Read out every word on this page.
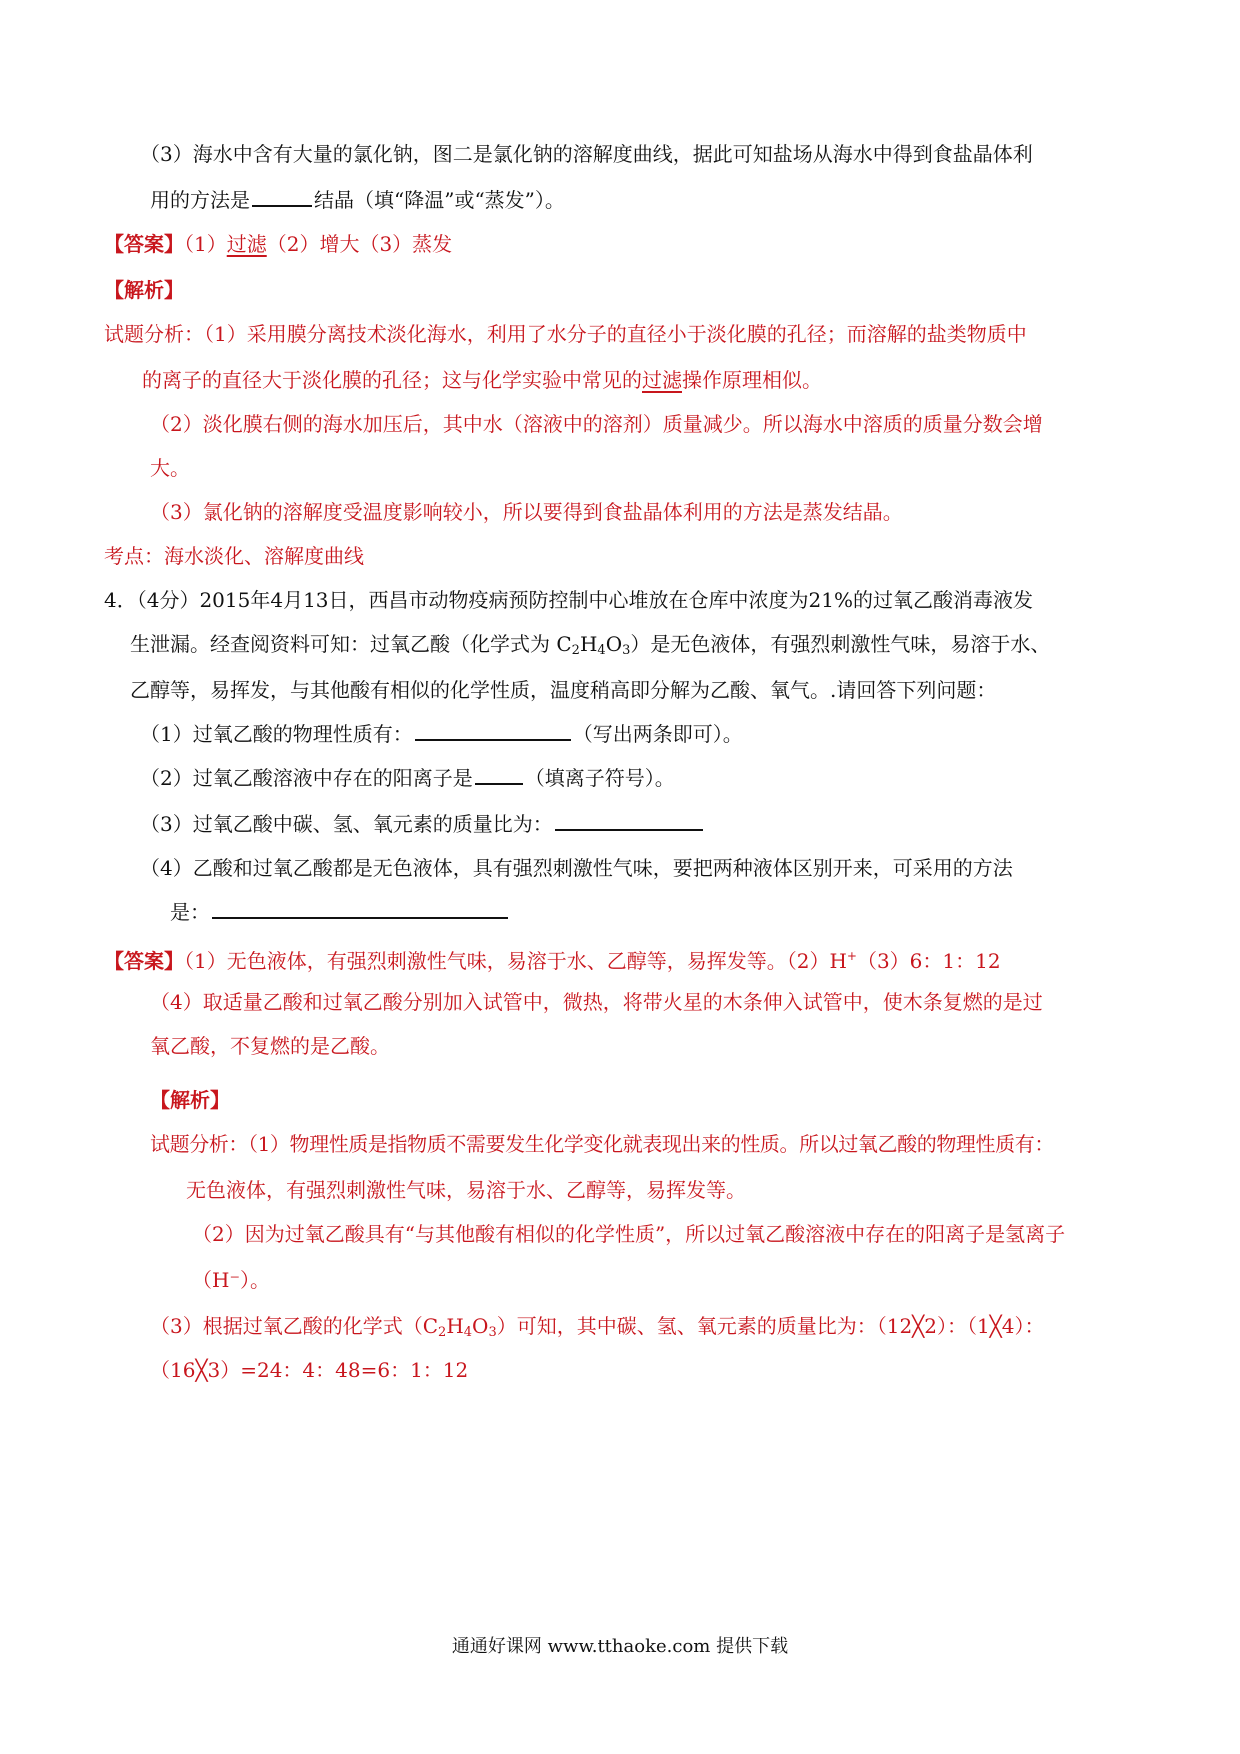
（3）海水中含有大量的氯化钠，图二是氯化钠的溶解度曲线，据此可知盐场从海水中得到食盐晶体利
用的方法是	结晶（填“降温”或“蒸发”）。
【答案】（1）过滤（2）增大（3）蒸发
【解析】
试题分析：（1）采用膜分离技术淡化海水，利用了水分子的直径小于淡化膜的孔径；而溶解的盐类物质中
的离子的直径大于淡化膜的孔径；这与化学实验中常见的过滤操作原理相似。
（2）淡化膜右侧的海水加压后，其中水（溶液中的溶剂）质量减少。所以海水中溶质的质量分数会增
大。
（3）氯化钠的溶解度受温度影响较小，所以要得到食盐晶体利用的方法是蒸发结晶。
考点：海水淡化、溶解度曲线
4．（4分）2015年4月13日，西昌市动物疫病预防控制中心堆放在仓库中浓度为21%的过氧乙酸消毒液发
生泄漏。经查阅资料可知：过氧乙酸（化学式为 $C_2H_4O_3$）是无色液体，有强烈刺激性气味，易溶于水、
乙醇等，易挥发，与其他酸有相似的化学性质，温度稍高即分解为乙酸、氧气。.请回答下列问题：
（1）过氧乙酸的物理性质有：	（写出两条即可）。
（2）过氧乙酸溶液中存在的阳离子是	（填离子符号）。
（3）过氧乙酸中碳、氢、氧元素的质量比为：
（4）乙酸和过氧乙酸都是无色液体，具有强烈刺激性气味，要把两种液体区别开来，可采用的方法
是：
【答案】（1）无色液体，有强烈刺激性气味，易溶于水、乙醇等，易挥发等。（2）H+（3）6：1：12
（4）取适量乙酸和过氧乙酸分别加入试管中，微热，将带火星的木条伸入试管中，使木条复燃的是过
氧乙酸，不复燃的是乙酸。
【解析】
试题分析：（1）物理性质是指物质不需要发生化学变化就表现出来的性质。所以过氧乙酸的物理性质有：
无色液体，有强烈刺激性气味，易溶于水、乙醇等，易挥发等。
（2）因为过氧乙酸具有“与其他酸有相似的化学性质”，所以过氧乙酸溶液中存在的阳离子是氢离子
（H⁻）。
（3）根据过氧乙酸的化学式$(C_2H_4O_3)$可知，其中碳、氢、氧元素的质量比为：（12╳2）：（1╳4）：
（16╳3）=24：4：48=6：1：12
通通好课网 www.tthaoke.com 提供下载
